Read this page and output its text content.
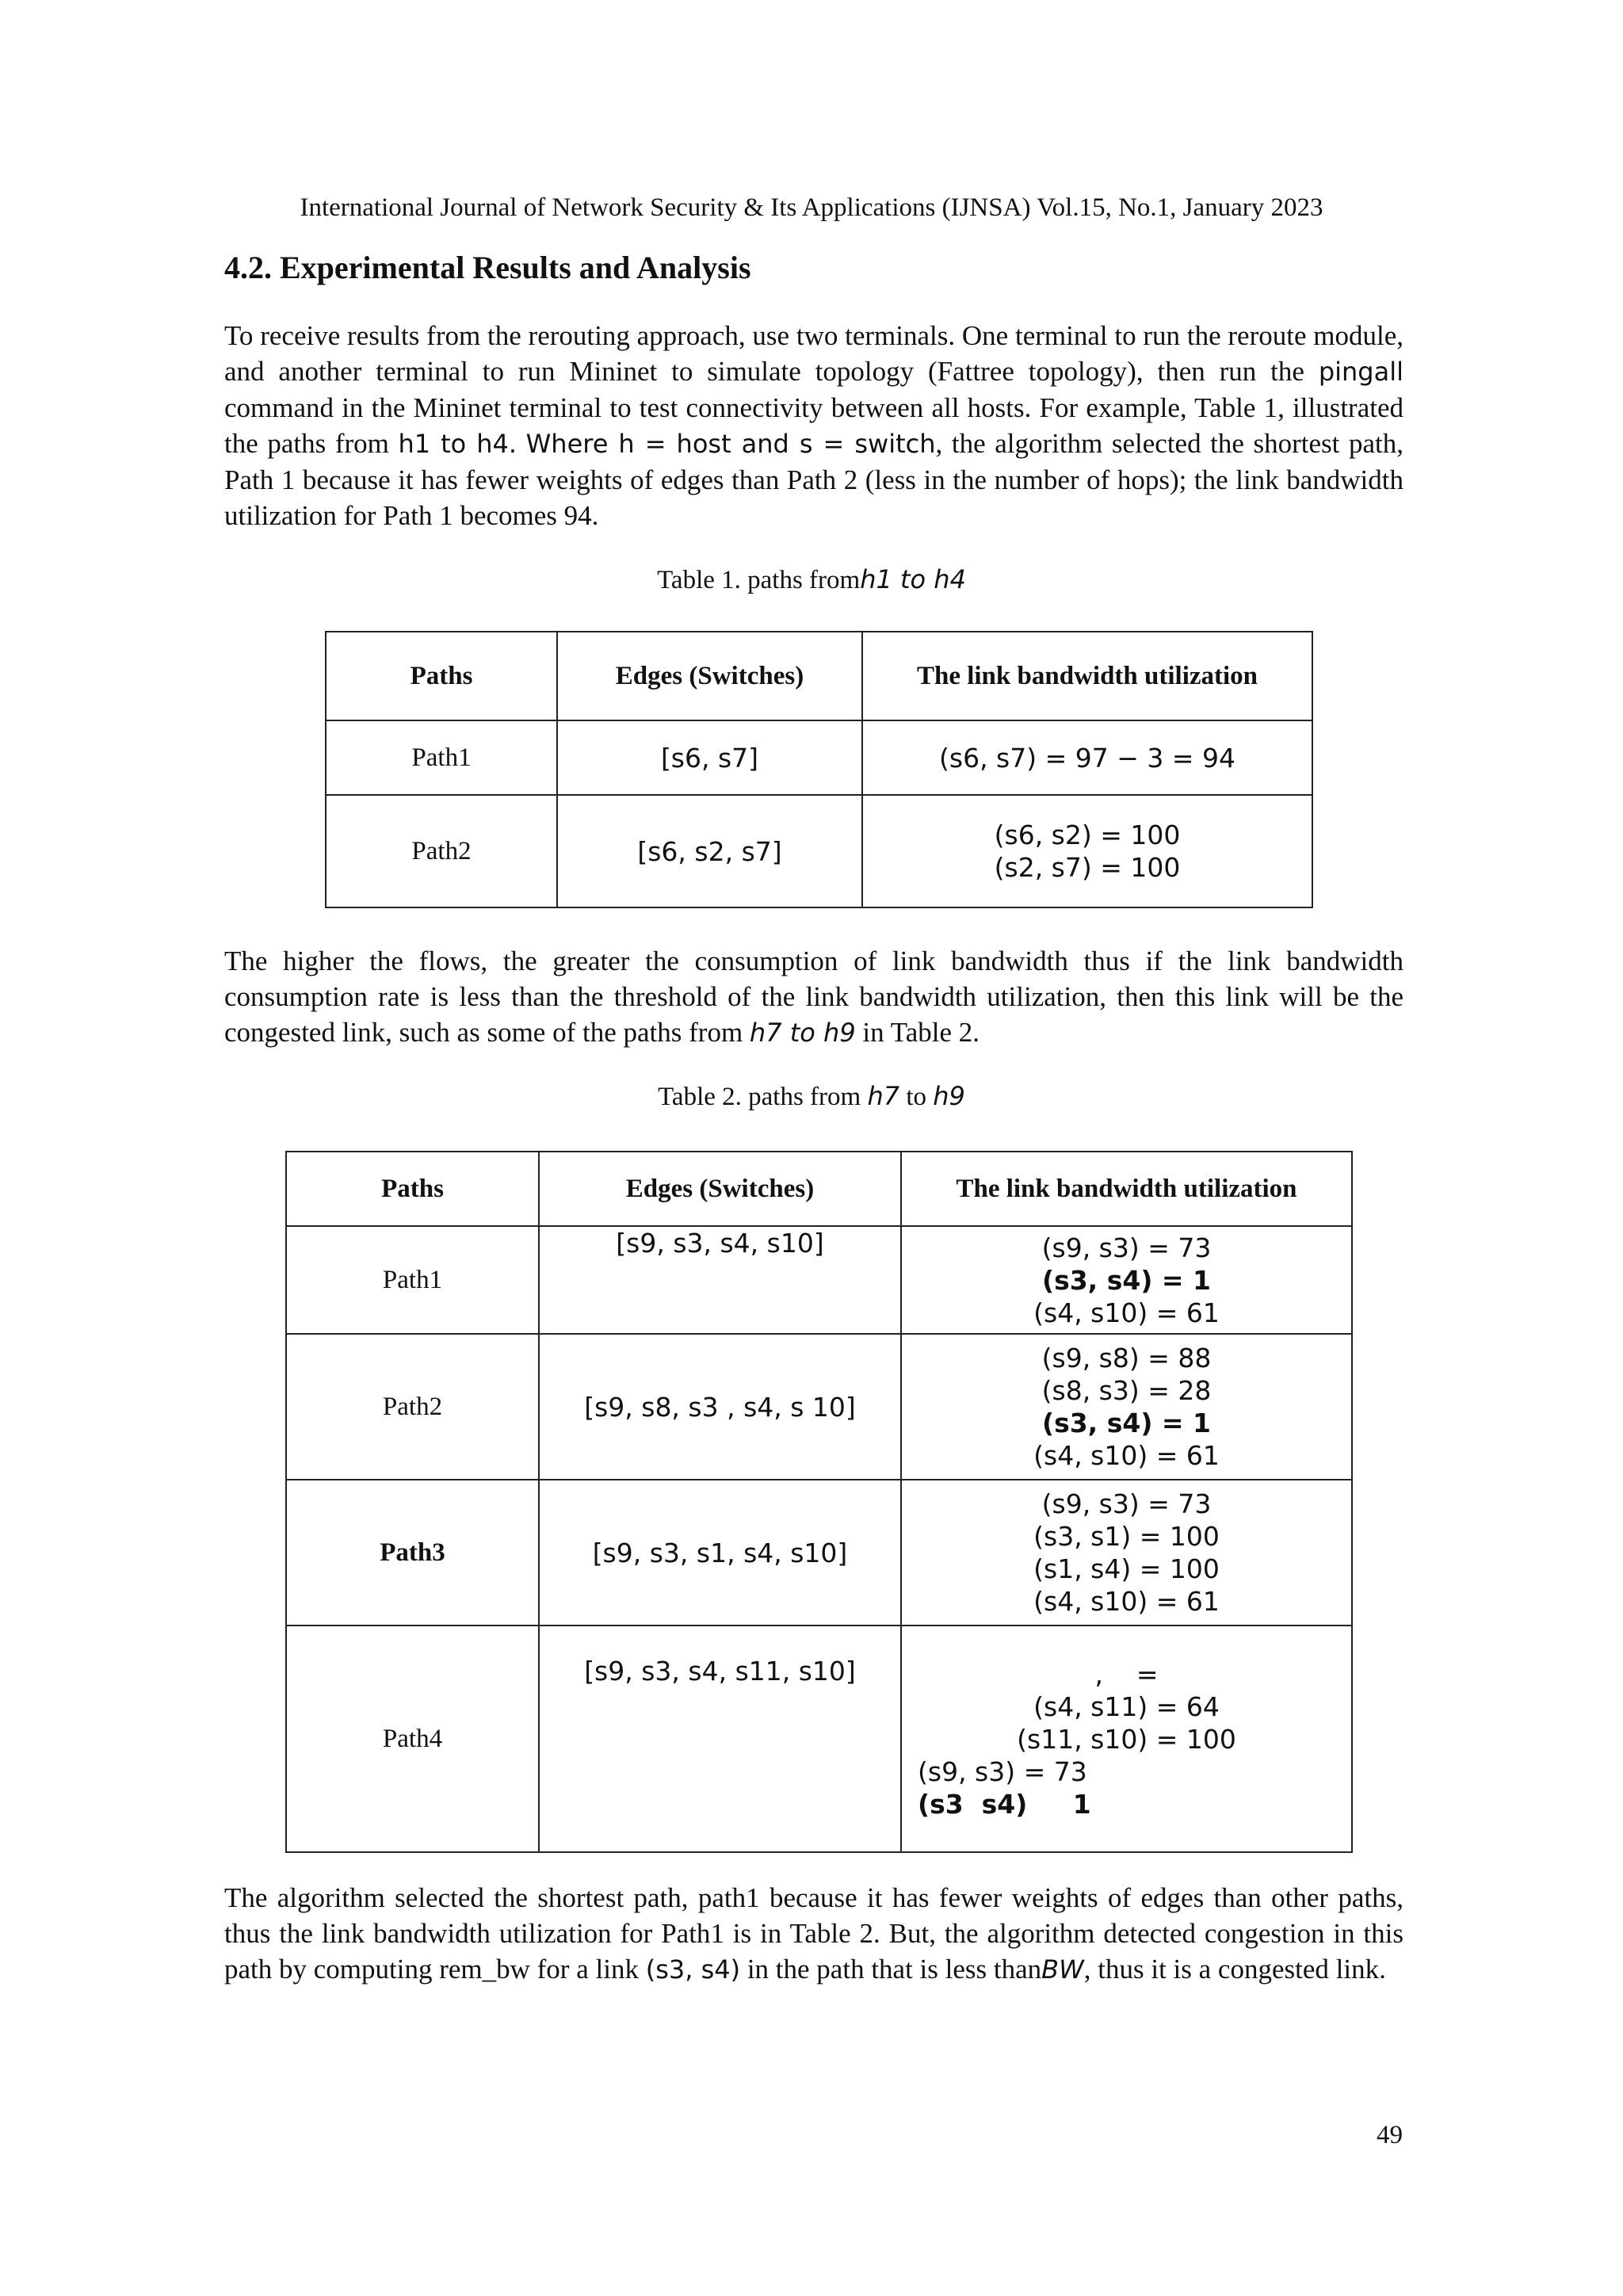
International Journal of Network Security & Its Applications (IJNSA) Vol.15, No.1, January 2023
4.2. Experimental Results and Analysis

To receive results from the rerouting approach, use two terminals. One terminal to run the reroute module, and another terminal to run Mininet to simulate topology (Fattree topology), then run the pingall command in the Mininet terminal to test connectivity between all hosts. For example, Table 1, illustrated the paths from h1 to h4. Where h = host and s = switch, the algorithm selected the shortest path, Path 1 because it has fewer weights of edges than Path 2 (less in the number of hops); the link bandwidth utilization for Path 1 becomes 94.

Table 1. paths fromh1 to h4
Paths	Edges (Switches)	The link bandwidth utilization
Path1	[s6, s7]	(s6, s7) = 97 − 3 = 94

Path2	[s6, s2, s7]	(s6, s2) = 100
(s2, s7) = 100

The higher the flows, the greater the consumption of link bandwidth thus if the link bandwidth consumption rate is less than the threshold of the link bandwidth utilization, then this link will be the congested link, such as some of the paths from h7 to h9 in Table 2.

Table 2. paths from h7 to h9
Paths	Edges (Switches)	The link bandwidth utilization
Path1	[s9, s3, s4, s10]	(s9, s3) = 73
(s3, s4) = 1
(s4, s10) = 61

Path2	[s9, s8, s3 , s4, s 10]	(s9, s8) = 88
(s8, s3) = 28
(s3, s4) = 1
(s4, s10) = 61

Path3	[s9, s3, s1, s4, s10]	(s9, s3) = 73
(s3, s1) = 100
(s1, s4) = 100
(s4, s10) = 61

Path4	[s9, s3, s4, s11, s10]	,    =
(s4, s11) = 64
(s11, s10) = 100
(s9, s3) = 73
(s3  s4)     1

The algorithm selected the shortest path, path1 because it has fewer weights of edges than other paths, thus the link bandwidth utilization for Path1 is in Table 2. But, the algorithm detected congestion in this path by computing rem_bw for a link (s3, s4) in the path that is less thanBW, thus it is a congested link.

49
